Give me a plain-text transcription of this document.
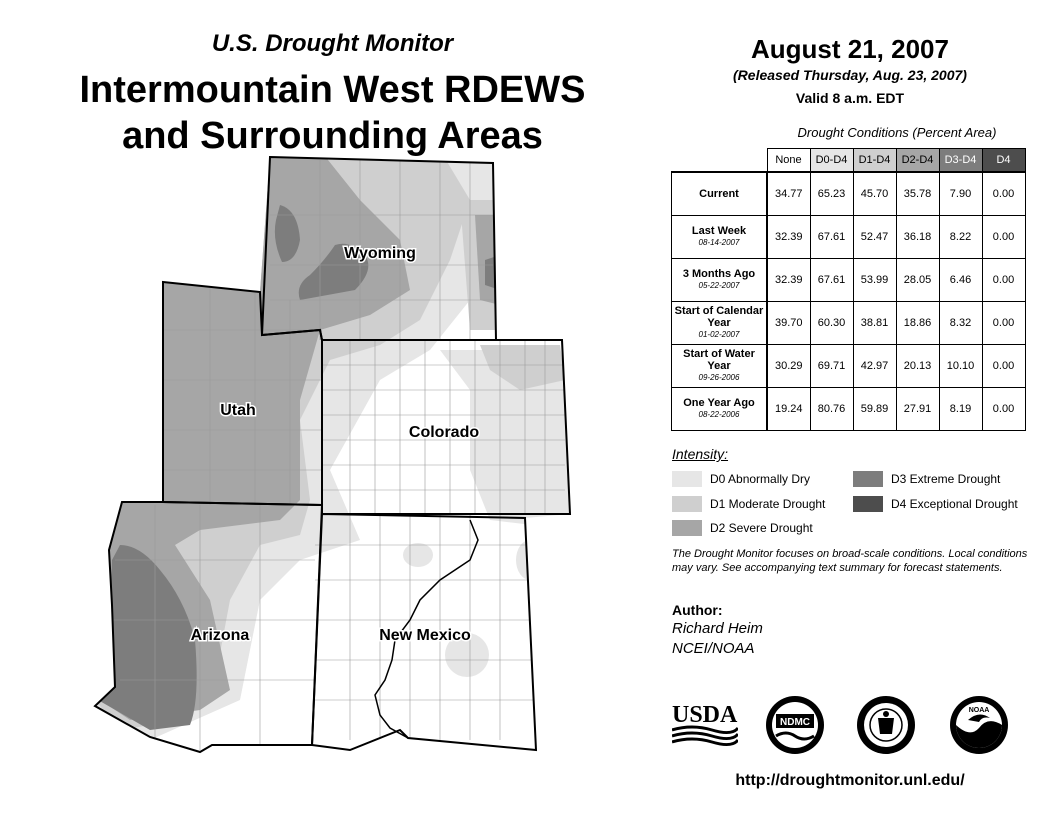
Wyoming
Utah
Colorado
Arizona	New Mexico
U.S. Drought Monitor
Intermountain West RDEWS
and Surrounding Areas
August 21, 2007
(Released Thursday, Aug. 23, 2007)
Valid 8 a.m. EDT
Drought Conditions (Percent Area)
	None	D0-D4	D1-D4	D2-D4	D3-D4	D4
Current	34.77	65.23	45.70	35.78	7.90	0.00
Last Week
08-14-2007	32.39	67.61	52.47	36.18	8.22	0.00
3 Months Ago
05-22-2007	32.39	67.61	53.99	28.05	6.46	0.00
Start of Calendar Year
01-02-2007	39.70	60.30	38.81	18.86	8.32	0.00
Start of Water Year
09-26-2006	30.29	69.71	42.97	20.13	10.10	0.00
One Year Ago
08-22-2006	19.24	80.76	59.89	27.91	8.19	0.00
Intensity:
D0 Abnormally Dry
D1 Moderate Drought
D2 Severe Drought
D3 Extreme Drought
D4 Exceptional Drought
The Drought Monitor focuses on broad-scale conditions. Local conditions may vary. See accompanying text summary for forecast statements.
Author:
Richard Heim
NCEI/NOAA
USDA	NDMC
NOAA
http://droughtmonitor.unl.edu/
